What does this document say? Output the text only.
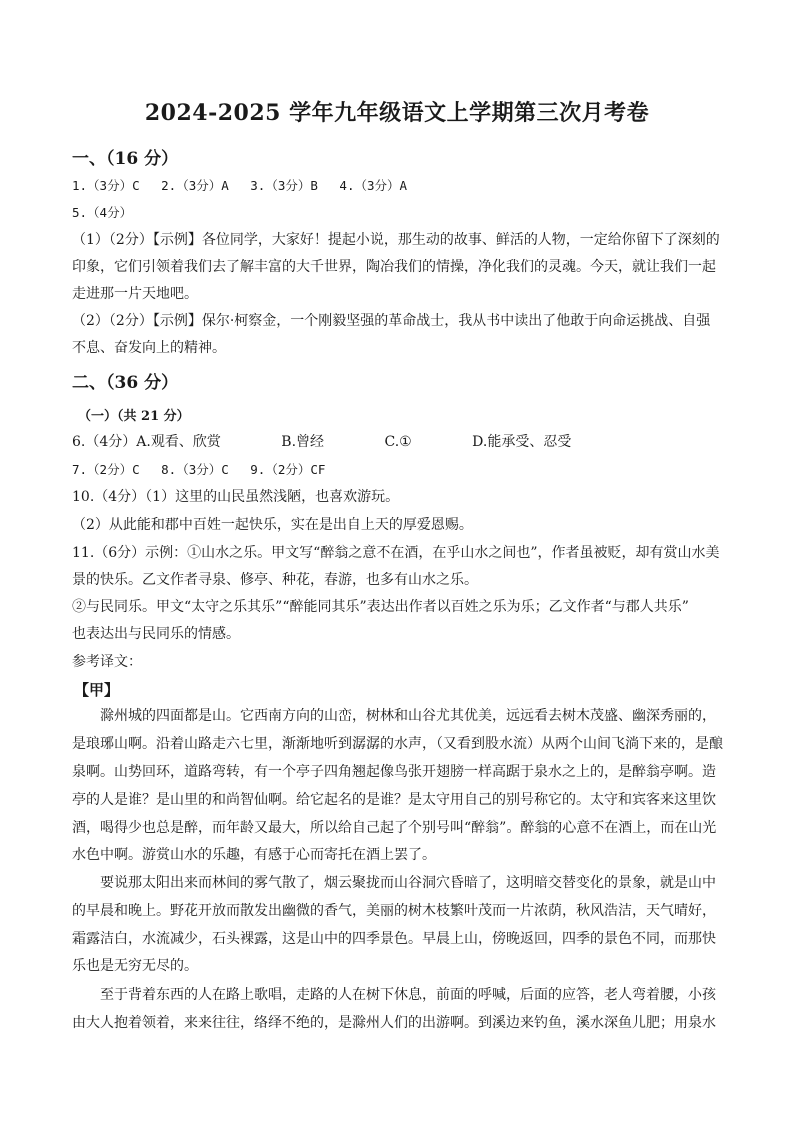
2024-2025 学年九年级语文上学期第三次月考卷
一、（16 分）
1.（3分）C 2.（3分）A 3.（3分）B 4.（3分）A
5.（4分）
（1）（2分）【示例】各位同学，大家好！提起小说，那生动的故事、鲜活的人物，一定给你留下了深刻的
印象，它们引领着我们去了解丰富的大千世界，陶冶我们的情操，净化我们的灵魂。今天，就让我们一起
走进那一片天地吧。
（2）（2分）【示例】保尔·柯察金，一个刚毅坚强的革命战士，我从书中读出了他敢于向命运挑战、自强
不息、奋发向上的精神。
二、（36 分）
（一）（共 21 分）
6.（4分）A.观看、欣赏	B.曾经	C.①	D.能承受、忍受
7.（2分）C 8.（3分）C 9.（2分）CF
10.（4分）（1）这里的山民虽然浅陋，也喜欢游玩。
（2）从此能和郡中百姓一起快乐，实在是出自上天的厚爱恩赐。
11.（6分）示例：①山水之乐。甲文写“醉翁之意不在酒，在乎山水之间也”，作者虽被贬，却有赏山水美
景的快乐。乙文作者寻泉、修亭、种花，春游，也多有山水之乐。
②与民同乐。甲文“太守之乐其乐”“醉能同其乐”表达出作者以百姓之乐为乐；乙文作者“与郡人共乐”
也表达出与民同乐的情感。
参考译文：
【甲】
　　滁州城的四面都是山。它西南方向的山峦，树林和山谷尤其优美，远远看去树木茂盛、幽深秀丽的，
是琅琊山啊。沿着山路走六七里，渐渐地听到潺潺的水声，（又看到股水流）从两个山间飞淌下来的，是酿
泉啊。山势回环，道路弯转，有一个亭子四角翘起像鸟张开翅膀一样高踞于泉水之上的，是醉翁亭啊。造
亭的人是谁？是山里的和尚智仙啊。给它起名的是谁？是太守用自己的别号称它的。太守和宾客来这里饮
酒，喝得少也总是醉，而年龄又最大，所以给自己起了个别号叫“醉翁”。醉翁的心意不在酒上，而在山光
水色中啊。游赏山水的乐趣，有感于心而寄托在酒上罢了。
　　要说那太阳出来而林间的雾气散了，烟云聚拢而山谷洞穴昏暗了，这明暗交替变化的景象，就是山中
的早晨和晚上。野花开放而散发出幽微的香气，美丽的树木枝繁叶茂而一片浓荫，秋风浩洁，天气晴好，
霜露洁白，水流减少，石头裸露，这是山中的四季景色。早晨上山，傍晚返回，四季的景色不同，而那快
乐也是无穷无尽的。
　　至于背着东西的人在路上歌唱，走路的人在树下休息，前面的呼喊，后面的应答，老人弯着腰，小孩
由大人抱着领着，来来往往，络绎不绝的，是滁州人们的出游啊。到溪边来钓鱼，溪水深鱼儿肥；用泉水
